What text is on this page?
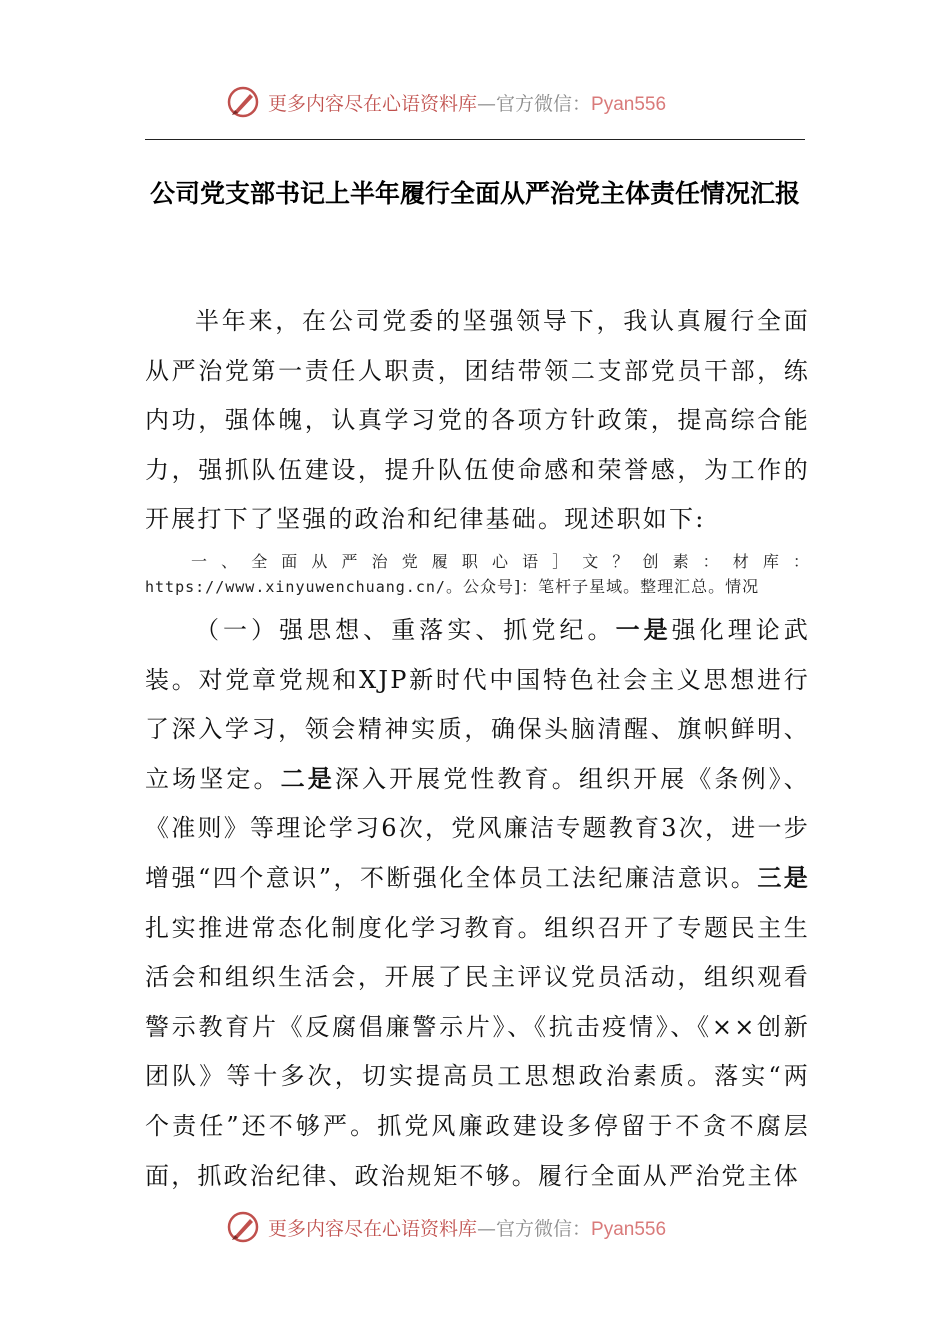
更多内容尽在心语资料库—官方微信：Pyan556
公司党支部书记上半年履行全面从严治党主体责任情况汇报

半年来，在公司党委的坚强领导下，我认真履行全面从严治党第一责任人职责，团结带领二支部党员干部，练内功，强体魄，认真学习党的各项方针政策，提高综合能力，强抓队伍建设，提升队伍使命感和荣誉感，为工作的开展打下了坚强的政治和纪律基础。现述职如下:

一、全面从严治党履职心语］文？创素：材库：https://www.xinyuwenchuang.cn/。公众号]：笔杆子星域。整理汇总。情况

（一）强思想、重落实、抓党纪。一是强化理论武装。对党章党规和XJP新时代中国特色社会主义思想进行了深入学习，领会精神实质，确保头脑清醒、旗帜鲜明、立场坚定。二是深入开展党性教育。组织开展《条例》、《准则》等理论学习6次，党风廉洁专题教育3次，进一步增强“四个意识”，不断强化全体员工法纪廉洁意识。三是扎实推进常态化制度化学习教育。组织召开了专题民主生活会和组织生活会，开展了民主评议党员活动，组织观看警示教育片《反腐倡廉警示片》、《抗击疫情》、《××创新团队》等十多次，切实提高员工思想政治素质。落实“两个责任”还不够严。抓党风廉政建设多停留于不贪不腐层面，抓政治纪律、政治规矩不够。履行全面从严治党主体

更多内容尽在心语资料库—官方微信：Pyan556
